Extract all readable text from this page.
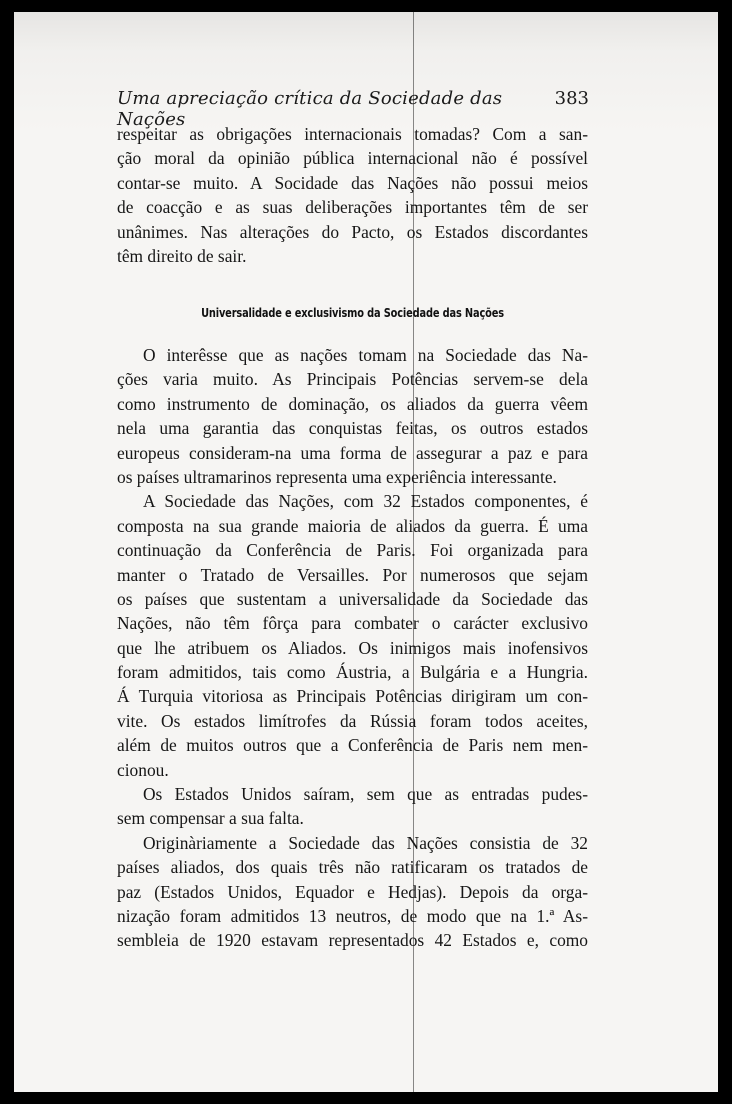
Uma apreciação crítica da Sociedade das Nações
383
respeitar as obrigações internacionais tomadas? Com a san-
ção moral da opinião pública internacional não é possível
contar-se muito. A Socidade das Nações não possui meios
de coacção e as suas deliberações importantes têm de ser
unânimes. Nas alterações do Pacto, os Estados discordantes
têm direito de sair.
Universalidade e exclusivismo da Sociedade das Nações
O interêsse que as nações tomam na Sociedade das Na-
ções varia muito. As Principais Potências servem-se dela
como instrumento de dominação, os aliados da guerra vêem
nela uma garantia das conquistas feitas, os outros estados
europeus consideram-na uma forma de assegurar a paz e para
os países ultramarinos representa uma experiência interessante.
A Sociedade das Nações, com 32 Estados componentes, é
composta na sua grande maioria de aliados da guerra. É uma
continuação da Conferência de Paris. Foi organizada para
manter o Tratado de Versailles. Por numerosos que sejam
os países que sustentam a universalidade da Sociedade das
Nações, não têm fôrça para combater o carácter exclusivo
que lhe atribuem os Aliados. Os inimigos mais inofensivos
foram admitidos, tais como Áustria, a Bulgária e a Hungria.
Á Turquia vitoriosa as Principais Potências dirigiram um con-
vite. Os estados limítrofes da Rússia foram todos aceites,
além de muitos outros que a Conferência de Paris nem men-
cionou.
Os Estados Unidos saíram, sem que as entradas pudes-
sem compensar a sua falta.
Originàriamente a Sociedade das Nações consistia de 32
países aliados, dos quais três não ratificaram os tratados de
paz (Estados Unidos, Equador e Hedjas). Depois da orga-
nização foram admitidos 13 neutros, de modo que na 1.ª As-
sembleia de 1920 estavam representados 42 Estados e, como
